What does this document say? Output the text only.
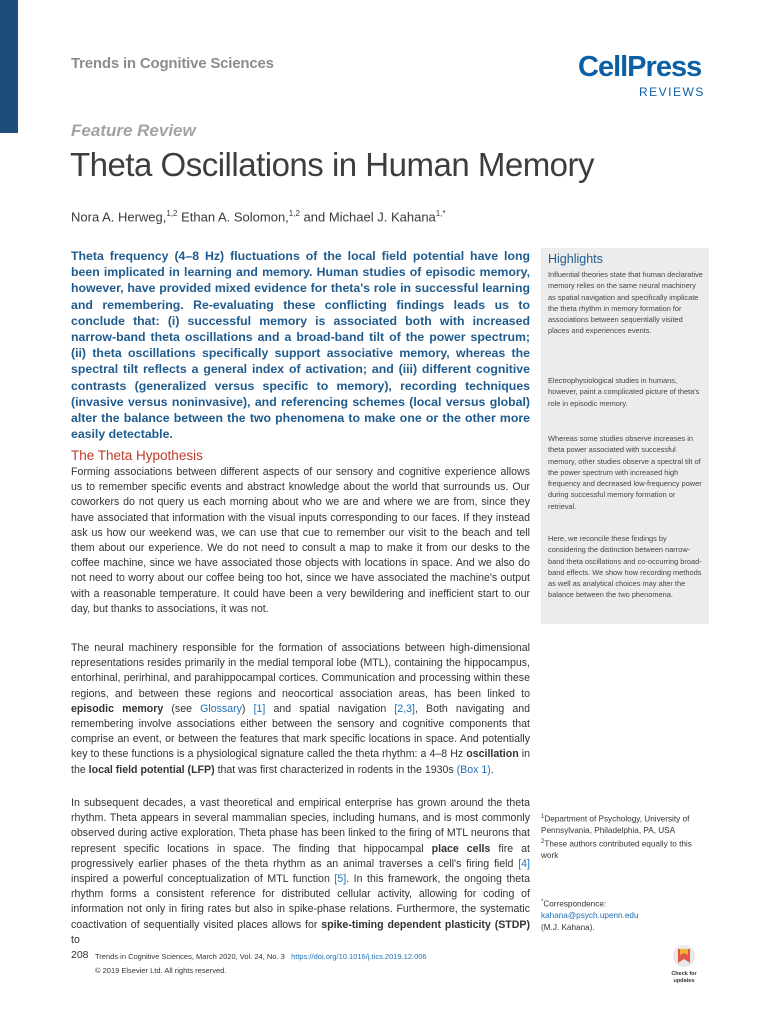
Trends in Cognitive Sciences	CellPress
REVIEWS
Feature Review
Theta Oscillations in Human Memory
Nora A. Herweg,$^{1,2}$ Ethan A. Solomon,$^{1,2}$ and Michael J. Kahana$^{1,*}$

Theta frequency (4–8 Hz) fluctuations of the local field potential have long been implicated in learning and memory. Human studies of episodic memory, however, have provided mixed evidence for theta's role in successful learning and remembering. Re-evaluating these conflicting findings leads us to conclude that: (i) successful memory is associated both with increased narrow-band theta oscillations and a broad-band tilt of the power spectrum; (ii) theta oscillations specifically support associative memory, whereas the spectral tilt reflects a general index of activation; and (iii) different cognitive contrasts (generalized versus specific to memory), recording techniques (invasive versus noninvasive), and referencing schemes (local versus global) alter the balance between the two phenomena to make one or the other more easily detectable.

Highlights

Influential theories state that human declarative memory relies on the same neural machinery as spatial navigation and specifically implicate the theta rhythm in memory formation for associations between sequentially visited places and experiences events.

Electrophysiological studies in humans, however, paint a complicated picture of theta's role in episodic memory.

Whereas some studies observe increases in theta power associated with successful memory, other studies observe a spectral tilt of the power spectrum with increased high frequency and decreased low-frequency power during successful memory formation or retrieval.

Here, we reconcile these findings by considering the distinction between narrow-band theta oscillations and co-occurring broad-band effects. We show how recording methods as well as analytical choices may alter the balance between the two phenomena.

The Theta Hypothesis

Forming associations between different aspects of our sensory and cognitive experience allows us to remember specific events and abstract knowledge about the world that surrounds us. Our coworkers do not query us each morning about who we are and where we are from, since they have associated that information with the visual inputs corresponding to our faces. If they instead ask us how our weekend was, we can use that cue to remember our visit to the beach and tell them about our experience. We do not need to consult a map to make it from our desks to the coffee machine, since we have associated those objects with locations in space. And we also do not need to worry about our coffee being too hot, since we have associated the machine's output with a reasonable temperature. It could have been a very bewildering and inefficient start to our day, but thanks to associations, it was not.

The neural machinery responsible for the formation of associations between high-dimensional representations resides primarily in the medial temporal lobe (MTL), containing the hippocampus, entorhinal, perirhinal, and parahippocampal cortices. Communication and processing within these regions, and between these regions and neocortical association areas, has been linked to episodic memory (see Glossary) [1] and spatial navigation [2,3], Both navigating and remembering involve associations either between the sensory and cognitive components that comprise an event, or between the features that mark specific locations in space. And potentially key to these functions is a physiological signature called the theta rhythm: a 4–8 Hz oscillation in the local field potential (LFP) that was first characterized in rodents in the 1930s (Box 1).

In subsequent decades, a vast theoretical and empirical enterprise has grown around the theta rhythm. Theta appears in several mammalian species, including humans, and is most commonly observed during active exploration. Theta phase has been linked to the firing of MTL neurons that represent specific locations in space. The finding that hippocampal place cells fire at progressively earlier phases of the theta rhythm as an animal traverses a cell's firing field [4] inspired a powerful conceptualization of MTL function [5]. In this framework, the ongoing theta rhythm forms a consistent reference for distributed cellular activity, allowing for coding of information not only in firing rates but also in spike-phase relations. Furthermore, the systematic coactivation of sequentially visited places allows for spike-timing dependent plasticity (STDP) to

$^1$Department of Psychology, University of Pennsylvania, Philadelphia, PA, USA
$^2$These authors contributed equally to this work

*Correspondence:
kahana@psych.upenn.edu
(M.J. Kahana).

208 Trends in Cognitive Sciences, March 2020, Vol. 24, No. 3 https://doi.org/10.1016/j.tics.2019.12.006
© 2019 Elsevier Ltd. All rights reserved.	Check for
updates
